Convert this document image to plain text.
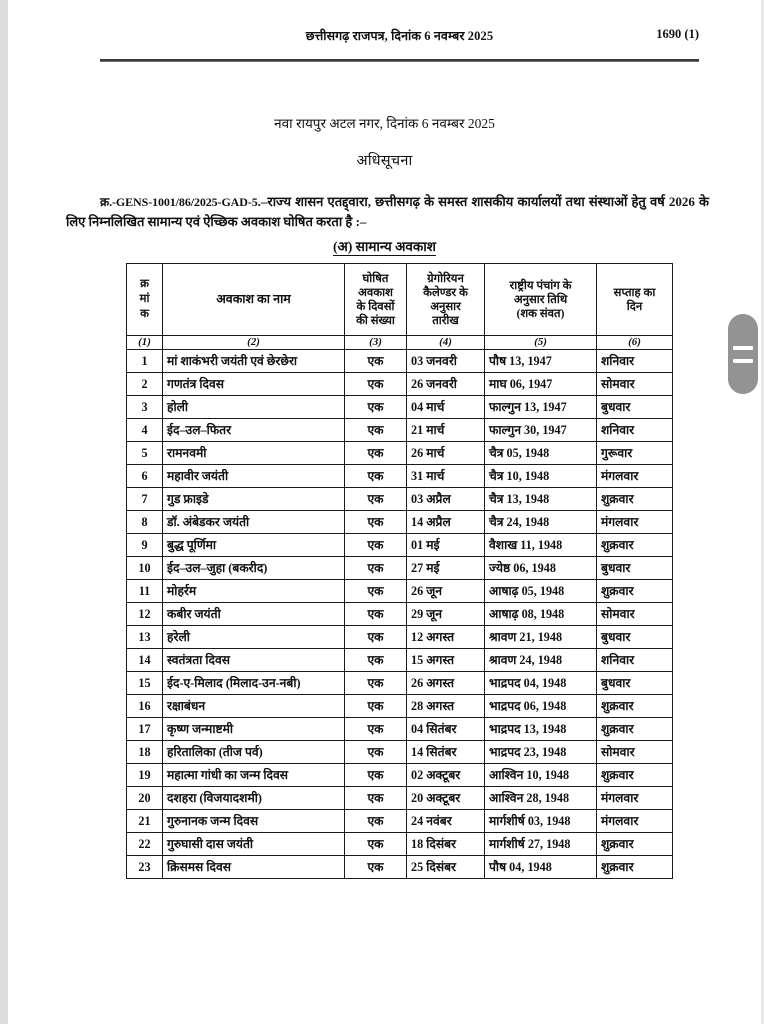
छत्तीसगढ़ राजपत्र, दिनांक 6 नवम्बर 2025	1690 (1)
नवा रायपुर अटल नगर, दिनांक 6 नवम्बर 2025
अधिसूचना

क्र.-GENS-1001/86/2025-GAD-5.–राज्य शासन एतद्द्वारा, छत्तीसगढ़ के समस्त शासकीय कार्यालयों तथा संस्थाओं हेतु वर्ष 2026 के लिए निम्नलिखित सामान्य एवं ऐच्छिक अवकाश घोषित करता है :–

(अ) सामान्य अवकाश
क्र
मां
क	अवकाश का नाम	घोषित
अवकाश
के दिवसों
की संख्या	ग्रेगोरियन
कैलेण्डर के
अनुसार
तारीख	राष्ट्रीय पंचांग के
अनुसार तिथि
(शक संवत)	सप्ताह का
दिन
(1)	(2)	(3)	(4)	(5)	(6)
1	मां शाकंभरी जयंती एवं छेरछेरा	एक	03 जनवरी	पौष 13, 1947	शनिवार
2	गणतंत्र दिवस	एक	26 जनवरी	माघ 06, 1947	सोमवार
3	होली	एक	04 मार्च	फाल्गुन 13, 1947	बुधवार
4	ईद–उल–फितर	एक	21 मार्च	फाल्गुन 30, 1947	शनिवार
5	रामनवमी	एक	26 मार्च	चैत्र 05, 1948	गुरूवार
6	महावीर जयंती	एक	31 मार्च	चैत्र 10, 1948	मंगलवार
7	गुड फ्राइडे	एक	03 अप्रैल	चैत्र 13, 1948	शुक्रवार
8	डॉ. अंबेडकर जयंती	एक	14 अप्रैल	चैत्र 24, 1948	मंगलवार
9	बुद्ध पूर्णिमा	एक	01 मई	वैशाख 11, 1948	शुक्रवार
10	ईद–उल–जुहा (बकरीद)	एक	27 मई	ज्येष्ठ 06, 1948	बुधवार
11	मोहर्रम	एक	26 जून	आषाढ़ 05, 1948	शुक्रवार
12	कबीर जयंती	एक	29 जून	आषाढ़ 08, 1948	सोमवार
13	हरेली	एक	12 अगस्त	श्रावण 21, 1948	बुधवार
14	स्वतंत्रता दिवस	एक	15 अगस्त	श्रावण 24, 1948	शनिवार
15	ईद-ए-मिलाद (मिलाद-उन-नबी)	एक	26 अगस्त	भाद्रपद 04, 1948	बुधवार
16	रक्षाबंधन	एक	28 अगस्त	भाद्रपद 06, 1948	शुक्रवार
17	कृष्ण जन्माष्टमी	एक	04 सितंबर	भाद्रपद 13, 1948	शुक्रवार
18	हरितालिका (तीज पर्व)	एक	14 सितंबर	भाद्रपद 23, 1948	सोमवार
19	महात्मा गांधी का जन्म दिवस	एक	02 अक्टूबर	आश्विन 10, 1948	शुक्रवार
20	दशहरा (विजयादशमी)	एक	20 अक्टूबर	आश्विन 28, 1948	मंगलवार
21	गुरुनानक जन्म दिवस	एक	24 नवंबर	मार्गशीर्ष 03, 1948	मंगलवार
22	गुरुघासी दास जयंती	एक	18 दिसंबर	मार्गशीर्ष 27, 1948	शुक्रवार
23	क्रिसमस दिवस	एक	25 दिसंबर	पौष 04, 1948	शुक्रवार
